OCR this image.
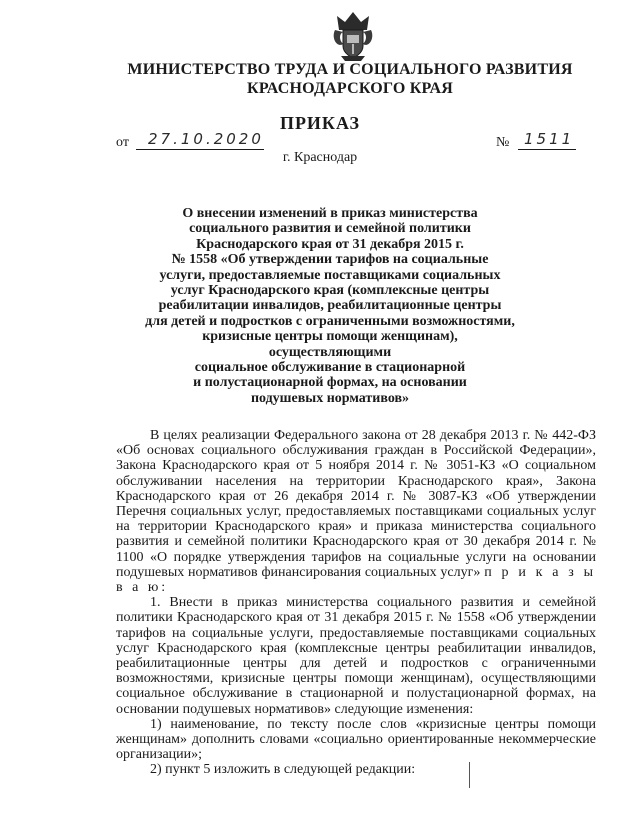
МИНИСТЕРСТВО ТРУДА И СОЦИАЛЬНОГО РАЗВИТИЯ
КРАСНОДАРСКОГО КРАЯ
ПРИКАЗ
от 27.10.2020	№ 1511
г. Краснодар
О внесении изменений в приказ министерства
социального развития и семейной политики
Краснодарского края от 31 декабря 2015 г.
№ 1558 «Об утверждении тарифов на социальные
услуги, предоставляемые поставщиками социальных
услуг Краснодарского края (комплексные центры
реабилитации инвалидов, реабилитационные центры
для детей и подростков с ограниченными возможностями,
кризисные центры помощи женщинам), осуществляющими
социальное обслуживание в стационарной
и полустационарной формах, на основании
подушевых нормативов»

В целях реализации Федерального закона от 28 декабря 2013 г. № 442-ФЗ «Об основах социального обслуживания граждан в Российской Федерации», Закона Краснодарского края от 5 ноября 2014 г. № 3051-КЗ «О социальном обслуживании населения на территории Краснодарского края», Закона Краснодарского края от 26 декабря 2014 г. № 3087-КЗ «Об утверждении Перечня социальных услуг, предоставляемых поставщиками социальных услуг на территории Краснодарского края» и приказа министерства социального развития и семейной политики Краснодарского края от 30 декабря 2014 г. № 1100 «О порядке утверждения тарифов на социальные услуги на основании подушевых нормативов финансирования социальных услуг» п р и к а з ы в а ю:

1. Внести в приказ министерства социального развития и семейной политики Краснодарского края от 31 декабря 2015 г. № 1558 «Об утверждении тарифов на социальные услуги, предоставляемые поставщиками социальных услуг Краснодарского края (комплексные центры реабилитации инвалидов, реабилитационные центры для детей и подростков с ограниченными возможностями, кризисные центры помощи женщинам), осуществляющими социальное обслуживание в стационарной и полустационарной формах, на основании подушевых нормативов» следующие изменения:

1) наименование, по тексту после слов «кризисные центры помощи женщинам» дополнить словами «социально ориентированные некоммерческие организации»;

2) пункт 5 изложить в следующей редакции:
